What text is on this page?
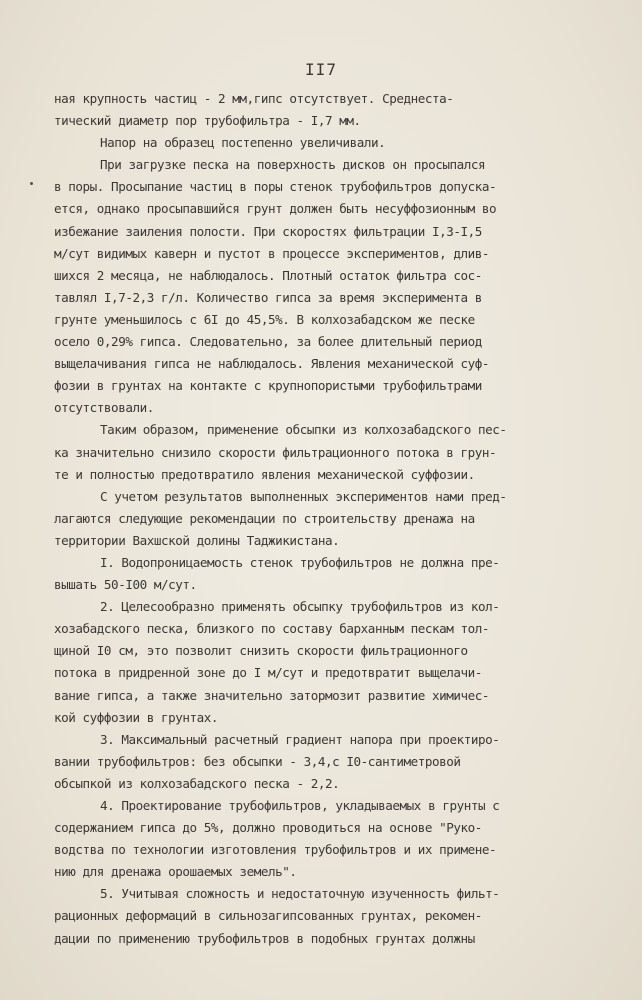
II7
ная крупность частиц - 2 мм,гипс отсутствует. Среднеста-
тический диаметр пор трубофильтра - I,7 мм.
Напор на образец постепенно увеличивали.
При загрузке песка на поверхность дисков он просыпался
в поры. Просыпание частиц в поры стенок трубофильтров допуска-
ется, однако просыпавшийся грунт должен быть несуффозионным во
избежание заиления полости. При скоростях фильтрации I,3-I,5
м/сут видимых каверн и пустот в процессе экспериментов, длив-
шихся 2 месяца, не наблюдалось. Плотный остаток фильтра сос-
тавлял I,7-2,3 г/л. Количество гипса за время эксперимента в
грунте уменьшилось с 6I до 45,5%. В колхозабадском же песке
осело 0,29% гипса. Следовательно, за более длительный период
выщелачивания гипса не наблюдалось. Явления механической суф-
фозии в грунтах на контакте с крупнопористыми трубофильтрами
отсутствовали.
Таким образом, применение обсыпки из колхозабадского пес-
ка значительно снизило скорости фильтрационного потока в грун-
те и полностью предотвратило явления механической суффозии.
С учетом результатов выполненных экспериментов нами пред-
лагаются следующие рекомендации по строительству дренажа на
территории Вахшской долины Таджикистана.
I. Водопроницаемость стенок трубофильтров не должна пре-
вышать 50-I00 м/сут.
2. Целесообразно применять обсыпку трубофильтров из кол-
хозабадского песка, близкого по составу барханным пескам тол-
щиной I0 см, это позволит снизить скорости фильтрационного
потока в придренной зоне до I м/сут и предотвратит выщелачи-
вание гипса, а также значительно затормозит развитие химичес-
кой суффозии в грунтах.
3. Максимальный расчетный градиент напора при проектиро-
вании трубофильтров: без обсыпки - 3,4,с I0-сантиметровой
обсыпкой из колхозабадского песка - 2,2.
4. Проектирование трубофильтров, укладываемых в грунты с
содержанием гипса до 5%, должно проводиться на основе "Руко-
водства по технологии изготовления трубофильтров и их примене-
нию для дренажа орошаемых земель".
5. Учитывая сложность и недостаточную изученность фильт-
рационных деформаций в сильнозагипсованных грунтах, рекомен-
дации по применению трубофильтров в подобных грунтах должны
